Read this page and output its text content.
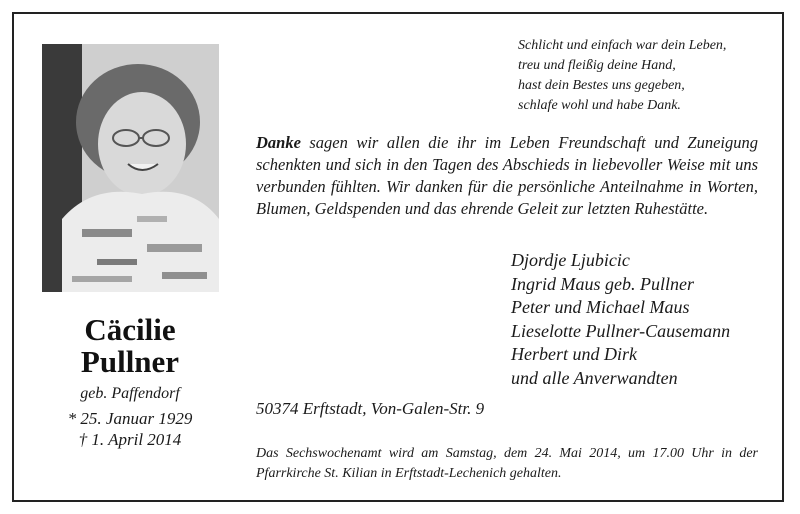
Cäcilie
Pullner
geb. Paffendorf
* 25. Januar 1929
† 1. April 2014
Schlicht und einfach war dein Leben,
treu und fleißig deine Hand,
hast dein Bestes uns gegeben,
schlafe wohl und habe Dank.
Danke sagen wir allen die ihr im Leben Freundschaft und Zuneigung schenkten und sich in den Tagen des Abschieds in liebevoller Weise mit uns verbunden fühlten. Wir danken für die persönliche Anteilnahme in Worten, Blumen, Geldspenden und das ehrende Geleit zur letzten Ruhestätte.
Djordje Ljubicic
Ingrid Maus geb. Pullner
Peter und Michael Maus
Lieselotte Pullner-Causemann
Herbert und Dirk
und alle Anverwandten
50374 Erftstadt, Von-Galen-Str. 9
Das Sechswochenamt wird am Samstag, dem 24. Mai 2014, um 17.00 Uhr in der Pfarrkirche St. Kilian in Erftstadt-Lechenich gehalten.
